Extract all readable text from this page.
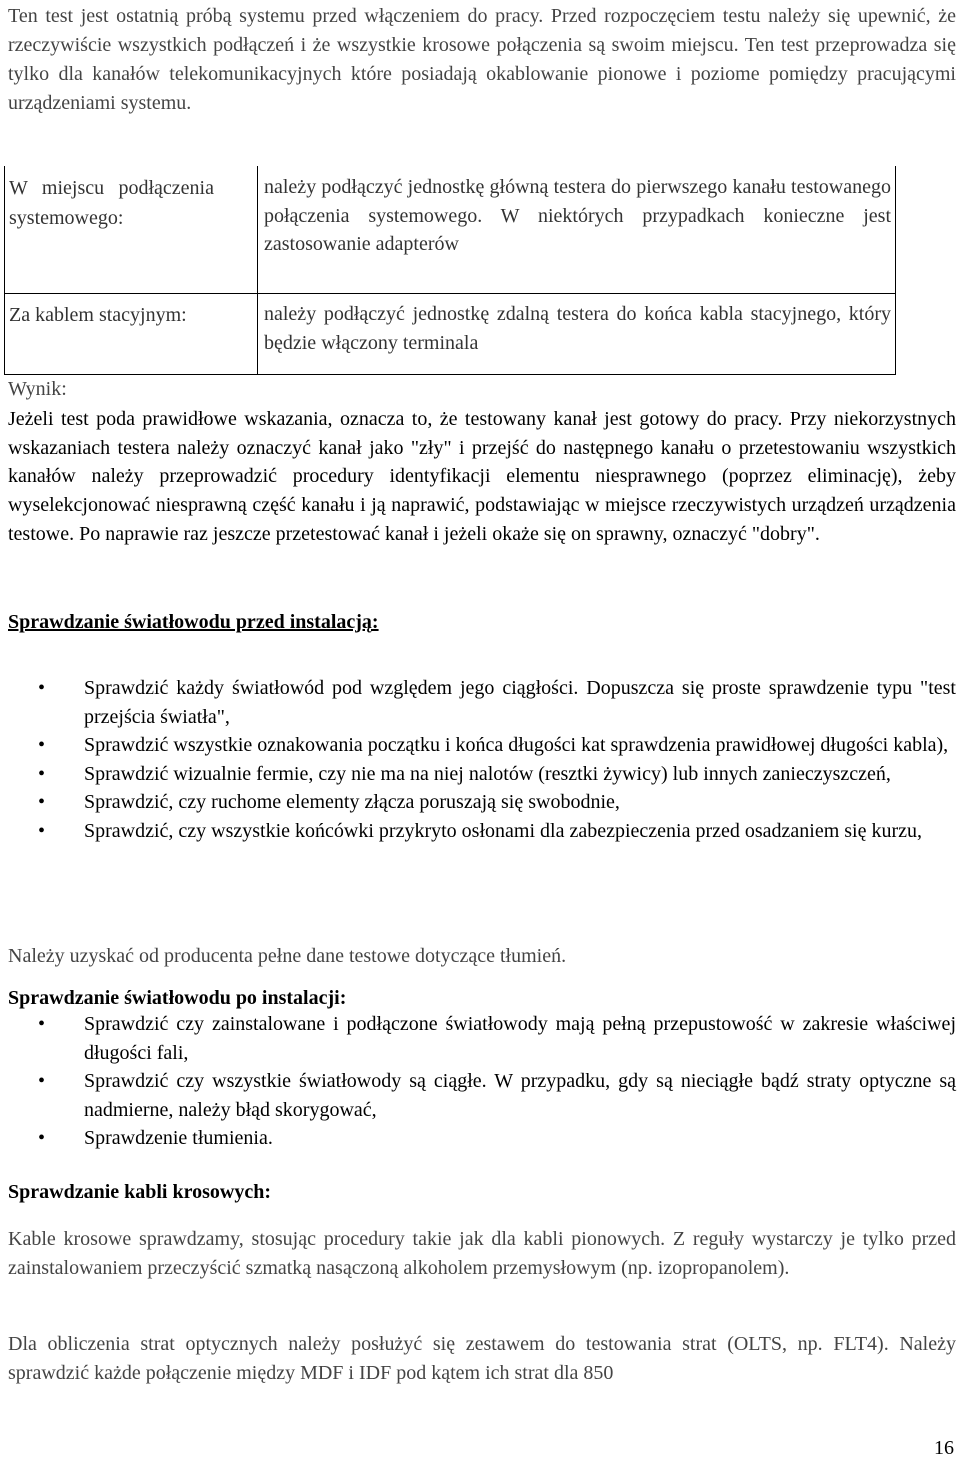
Ten test jest ostatnią próbą systemu przed włączeniem do pracy. Przed rozpoczęciem testu należy się upewnić, że rzeczywiście wszystkich podłączeń i że wszystkie krosowe połączenia są swoim miejscu. Ten test przeprowadza się tylko dla kanałów telekomunikacyjnych które posiadają okablowanie pionowe i poziome pomiędzy pracującymi urządzeniami systemu.

W miejscu podłączenia systemowego:	należy podłączyć jednostkę główną testera do pierwszego kanału testowanego połączenia systemowego. W niektórych przypadkach konieczne jest zastosowanie adapterów

Za kablem stacyjnym:	należy podłączyć jednostkę zdalną testera do końca kabla stacyjnego, który będzie włączony terminala
Wynik:

Jeżeli test poda prawidłowe wskazania, oznacza to, że testowany kanał jest gotowy do pracy. Przy niekorzystnych wskazaniach testera należy oznaczyć kanał jako "zły" i przejść do następnego kanału o przetestowaniu wszystkich kanałów należy przeprowadzić procedury identyfikacji elementu niesprawnego (poprzez eliminację), żeby wyselekcjonować niesprawną część kanału i ją naprawić, podstawiając w miejsce rzeczywistych urządzeń urządzenia testowe. Po naprawie raz jeszcze przetestować kanał i jeżeli okaże się on sprawny, oznaczyć "dobry".

Sprawdzanie światłowodu przed instalacją:
• Sprawdzić każdy światłowód pod względem jego ciągłości. Dopuszcza się proste sprawdzenie typu "test przejścia światła",
• Sprawdzić wszystkie oznakowania początku i końca długości kat sprawdzenia prawidłowej długości kabla),
• Sprawdzić wizualnie fermie, czy nie ma na niej nalotów (resztki żywicy) lub innych zanieczyszczeń,
• Sprawdzić, czy ruchome elementy złącza poruszają się swobodnie,
• Sprawdzić, czy wszystkie końcówki przykryto osłonami dla zabezpieczenia przed osadzaniem się kurzu,
Należy uzyskać od producenta pełne dane testowe dotyczące tłumień.
Sprawdzanie światłowodu po instalacji:
• Sprawdzić czy zainstalowane i podłączone światłowody mają pełną przepustowość w zakresie właściwej długości fali,
• Sprawdzić czy wszystkie światłowody są ciągłe. W przypadku, gdy są nieciągłe bądź straty optyczne są nadmierne, należy błąd skorygować,
• Sprawdzenie tłumienia.
Sprawdzanie kabli krosowych:

Kable krosowe sprawdzamy, stosując procedury takie jak dla kabli pionowych. Z reguły wystarczy je tylko przed zainstalowaniem przeczyścić szmatką nasączoną alkoholem przemysłowym (np. izopropanolem).

Dla obliczenia strat optycznych należy posłużyć się zestawem do testowania strat (OLTS, np. FLT4). Należy sprawdzić każde połączenie między MDF i IDF pod kątem ich strat dla 850

16
